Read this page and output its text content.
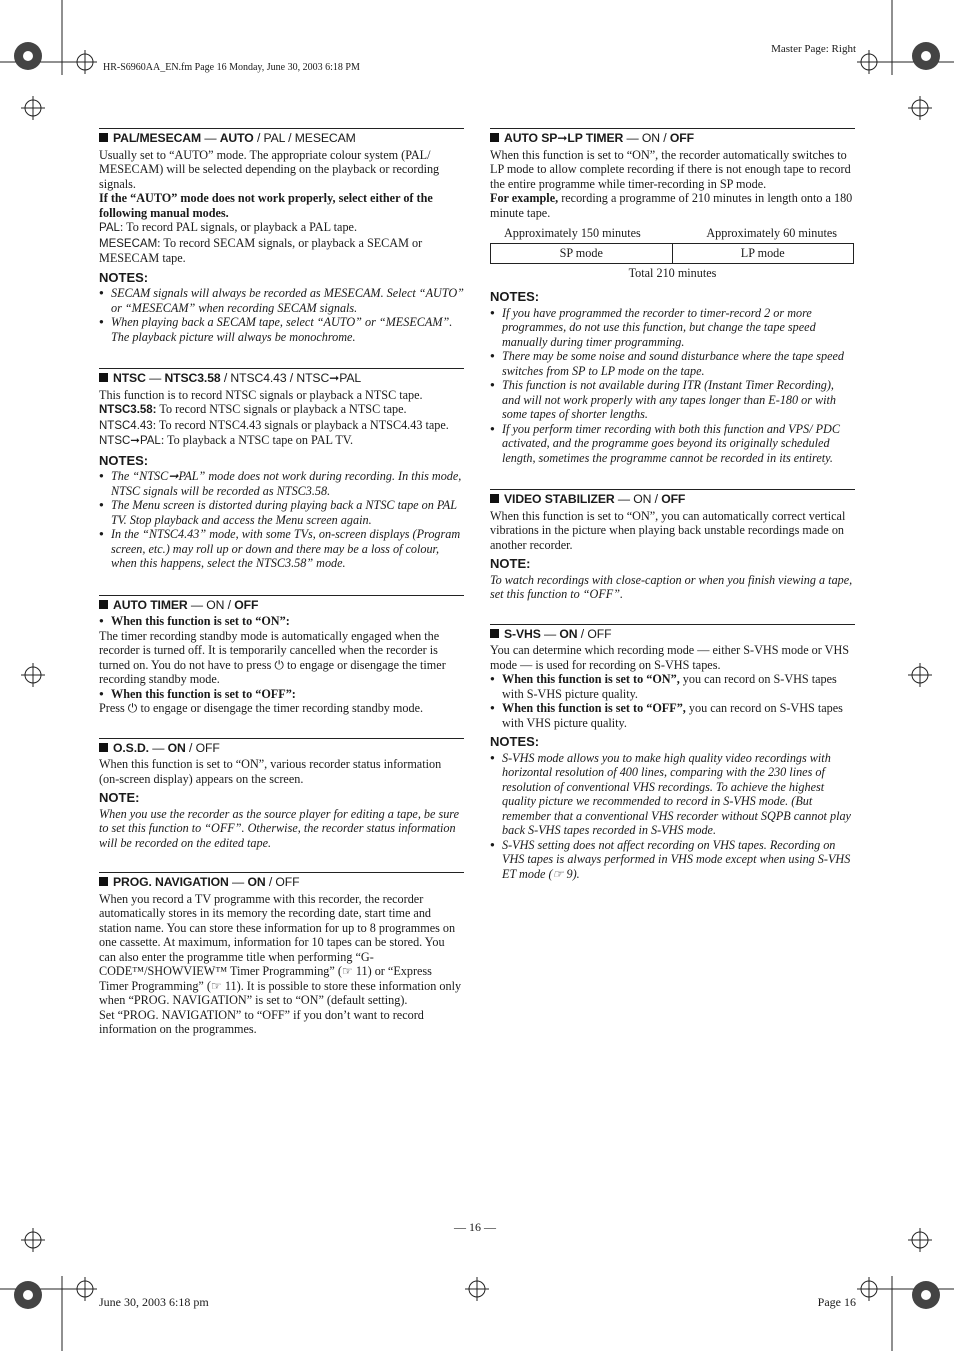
Master Page: Right
HR-S6960AA_EN.fm Page 16 Monday, June 30, 2003 6:18 PM
— 16 —
June 30, 2003 6:18 pm	Page 16
PAL/MESECAM — AUTO / PAL / MESECAM

Usually set to “AUTO” mode. The appropriate colour system (PAL/ MESECAM) will be selected depending on the playback or recording signals.

If the “AUTO” mode does not work properly, select either of the following manual modes.

PAL: To record PAL signals, or playback a PAL tape.

MESECAM: To record SECAM signals, or playback a SECAM or MESECAM tape.

NOTES:
● SECAM signals will always be recorded as MESECAM. Select “AUTO” or “MESECAM” when recording SECAM signals.
● When playing back a SECAM tape, select “AUTO” or “MESECAM”. The playback picture will always be monochrome.
NTSC — NTSC3.58 / NTSC4.43 / NTSC➞PAL

This function is to record NTSC signals or playback a NTSC tape.

NTSC3.58: To record NTSC signals or playback a NTSC tape.

NTSC4.43: To record NTSC4.43 signals or playback a NTSC4.43 tape.

NTSC➞PAL: To playback a NTSC tape on PAL TV.

NOTES:
● The “NTSC➞PAL” mode does not work during recording. In this mode, NTSC signals will be recorded as NTSC3.58.
● The Menu screen is distorted during playing back a NTSC tape on PAL TV. Stop playback and access the Menu screen again.
● In the “NTSC4.43” mode, with some TVs, on-screen displays (Program screen, etc.) may roll up or down and there may be a loss of colour, when this happens, select the NTSC3.58” mode.
AUTO TIMER — ON / OFF
● When this function is set to “ON”:

The timer recording standby mode is automatically engaged when the recorder is turned off. It is temporarily cancelled when the recorder is turned on. You do not have to press ⏻ to engage or disengage the timer recording standby mode.

● When this function is set to “OFF”:

Press ⏻ to engage or disengage the timer recording standby mode.

O.S.D. — ON / OFF

When this function is set to “ON”, various recorder status information (on-screen display) appears on the screen.

NOTE:

When you use the recorder as the source player for editing a tape, be sure to set this function to “OFF”. Otherwise, the recorder status information will be recorded on the edited tape.

PROG. NAVIGATION — ON / OFF

When you record a TV programme with this recorder, the recorder automatically stores in its memory the recording date, start time and station name. You can store these information for up to 8 programmes on one cassette. At maximum, information for 10 tapes can be stored. You can also enter the programme title when performing “G-CODE™/SHOWVIEW™ Timer Programming” (☞ 11) or “Express Timer Programming” (☞ 11). It is possible to store these information only when “PROG. NAVIGATION” is set to “ON” (default setting).

Set “PROG. NAVIGATION” to “OFF” if you don’t want to record information on the programmes.

AUTO SP➞LP TIMER — ON / OFF

When this function is set to “ON”, the recorder automatically switches to LP mode to allow complete recording if there is not enough tape to record the entire programme while timer-recording in SP mode.

For example, recording a programme of 210 minutes in length onto a 180 minute tape.

Approximately 150 minutes	Approximately 60 minutes
SP mode	LP mode
Total 210 minutes
NOTES:
● If you have programmed the recorder to timer-record 2 or more programmes, do not use this function, but change the tape speed manually during timer programming.
● There may be some noise and sound disturbance where the tape speed switches from SP to LP mode on the tape.
● This function is not available during ITR (Instant Timer Recording), and will not work properly with any tapes longer than E-180 or with some tapes of shorter lengths.
● If you perform timer recording with both this function and VPS/ PDC activated, and the programme goes beyond its originally scheduled length, sometimes the programme cannot be recorded in its entirety.
VIDEO STABILIZER — ON / OFF

When this function is set to “ON”, you can automatically correct vertical vibrations in the picture when playing back unstable recordings made on another recorder.

NOTE:

To watch recordings with close-caption or when you finish viewing a tape, set this function to “OFF”.

S-VHS — ON / OFF

You can determine which recording mode — either S-VHS mode or VHS mode — is used for recording on S-VHS tapes.

● When this function is set to “ON”, you can record on S-VHS tapes with S-VHS picture quality.
● When this function is set to “OFF”, you can record on S-VHS tapes with VHS picture quality.
NOTES:
● S-VHS mode allows you to make high quality video recordings with horizontal resolution of 400 lines, comparing with the 230 lines of resolution of conventional VHS recordings. To achieve the highest quality picture we recommended to record in S-VHS mode. (But remember that a conventional VHS recorder without SQPB cannot play back S-VHS tapes recorded in S-VHS mode.
● S-VHS setting does not affect recording on VHS tapes. Recording on VHS tapes is always performed in VHS mode except when using S-VHS ET mode (☞ 9).
